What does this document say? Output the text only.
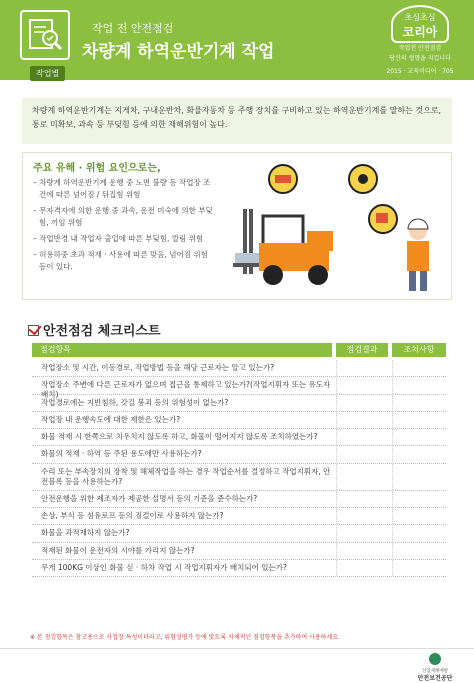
작업 전 안전점검
차량계 하역운반기계 작업
작업별
초심초심
코리아
작업전 안전점검
당신의 생명을 지킵니다
2015 · 교육미디어 · 705
차량계 하역운반기계는 지게차, 구내운반차, 화물자동차 등 주행 장치를 구비하고 있는 하역운반기계를 말하는 것으로, 통로 미확보, 과속 등 부딪힘 등에 의한 재해위험이 높다.
주요 유해 · 위험 요인으로는,
– 차량계 하역운반기계 운행 중 노면 불량 등 작업장 조건에 따른 넘어짐 / 뒤집힘 위험
– 무자격자에 의한 운행 중 과속, 운전 미숙에 의한 부딪힘, 끼임 위험
– 작업반경 내 작업자 출입에 따른 부딪힘, 깔림 위험
– 허용하중 초과 적재 · 사용에 따른 맞음, 넘어짐 위험 등이 있다.
안전점검 체크리스트
점검항목	점검결과	조치사항
작업장소 및 시간, 이동경로, 작업방법 등을 해당 근로자는 알고 있는가?
작업장소 주변에 다른 근로자가 없으며 접근을 통제하고 있는가?(작업지휘자 또는 유도자 배치)
작업경로에는 지반침하, 갓길 붕괴 등의 위험성이 없는가?
작업장 내 운행속도에 대한 제한은 있는가?
화물 적재 시 한쪽으로 치우치지 않도록 하고, 화물이 떨어지지 않도록 조치하였는가?
화물의 적재 · 하역 등 주된 용도에만 사용하는가?
수리 또는 부속장치의 장착 및 해체작업을 하는 경우 작업순서를 결정하고 작업지휘자, 안전블록 등을 사용하는가?
안전운행을 위한 제조자가 제공한 설명서 등의 기준을 준수하는가?
손상, 부식 등 섬유로프 등의 짐걸이로 사용하지 않는가?
화물을 과적재하지 않는가?
적재된 화물이 운전자의 시야를 가리지 않는가?
무게 100KG 이상인 화물 싣 · 하차 작업 시 작업지휘자가 배치되어 있는가?
※ 본 점검항목은 참고용으로 사업장 특성이더라고, 위험성평가 등에 맞도록 자체적인 점검항목을 추가하여 사용하세요.
산업재해예방
안전보건공단
